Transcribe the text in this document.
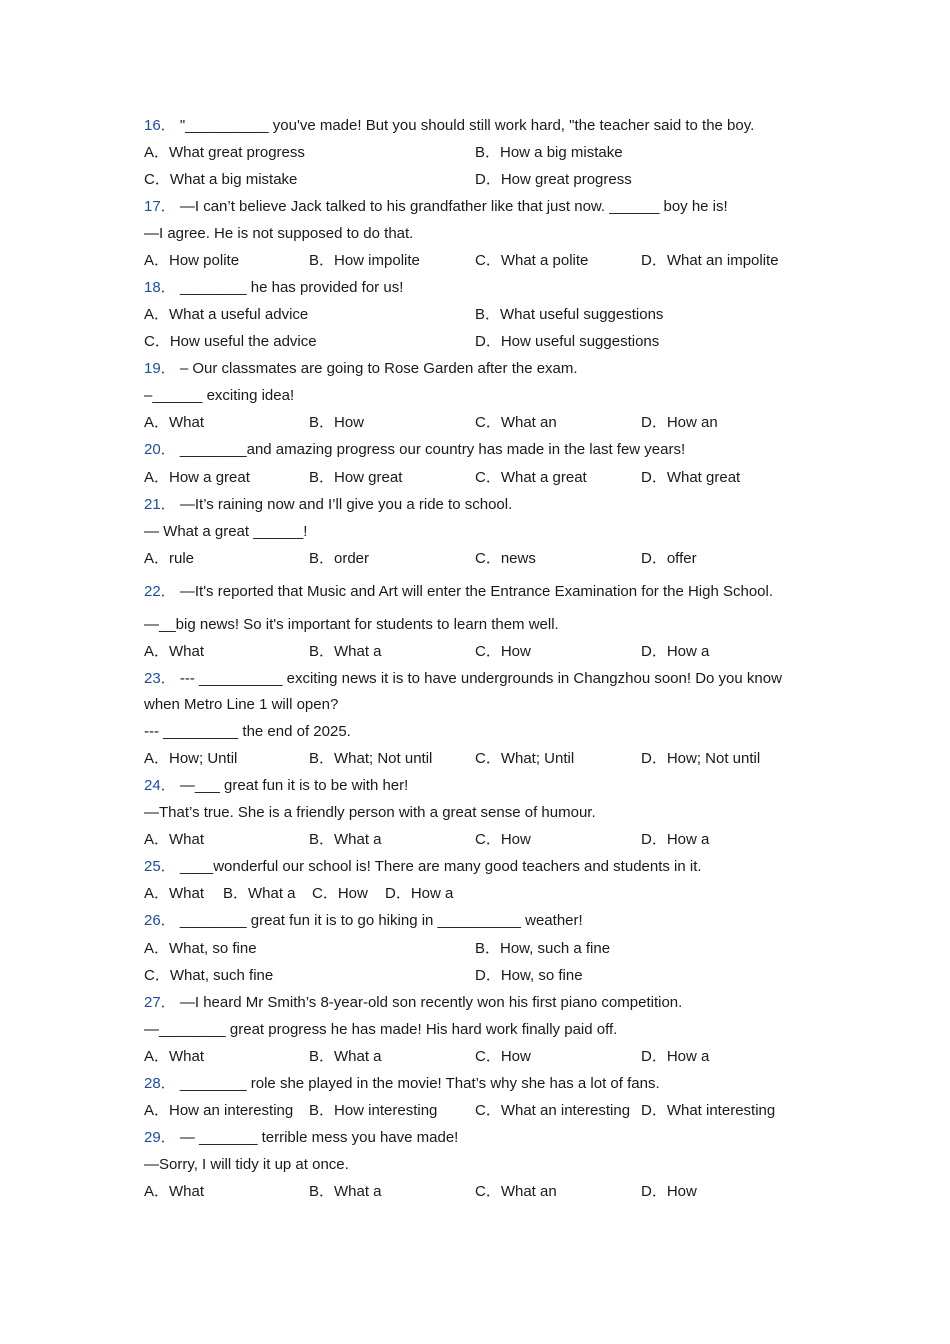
16． "__________ you've made! But you should still work hard, "the teacher said to the boy.
A．What great progress	B．How a big mistake
C．What a big mistake	D．How great progress
17． —I can’t believe Jack talked to his grandfather like that just now. ______ boy he is!
—I agree. He is not supposed to do that.
A．How polite	B．How impolite	C．What a polite	D．What an impolite
18． ________ he has provided for us!
A．What a useful advice	B．What useful suggestions
C．How useful the advice	D．How useful suggestions
19． – Our classmates are going to Rose Garden after the exam.
–______ exciting idea!
A．What	B．How	C．What an	D．How an
20． ________and amazing progress our country has made in the last few years!
A．How a great	B．How great	C．What a great	D．What great
21． —It’s raining now and I’ll give you a ride to school.
— What a great ______!
A．rule	B．order	C．news	D．offer
22． —It's reported that Music and Art will enter the Entrance Examination for the High School.
—__big news! So it's important for students to learn them well.
A．What	B．What a	C．How	D．How a
23． --- __________ exciting news it is to have undergrounds in Changzhou soon! Do you know
when Metro Line 1 will open?
--- _________ the end of 2025.
A．How; Until	B．What; Not until	C．What; Until	D．How; Not until
24． —___ great fun it is to be with her!
—That’s true. She is a friendly person with a great sense of humour.
A．What	B．What a	C．How	D．How a
25． ____wonderful our school is! There are many good teachers and students in it.
A．What B．What a C．How D．How a
26． ________ great fun it is to go hiking in __________ weather!
A．What, so fine	B．How, such a fine
C．What, such fine	D．How, so fine
27． —I heard Mr Smith’s 8-year-old son recently won his first piano competition.
—________ great progress he has made! His hard work finally paid off.
A．What	B．What a	C．How	D．How a
28． ________ role she played in the movie! That’s why she has a lot of fans.
A．How an interesting B．How interesting	C．What an interesting D．What interesting
29． — _______ terrible mess you have made!
—Sorry, I will tidy it up at once.
A．What	B．What a	C．What an	D．How
